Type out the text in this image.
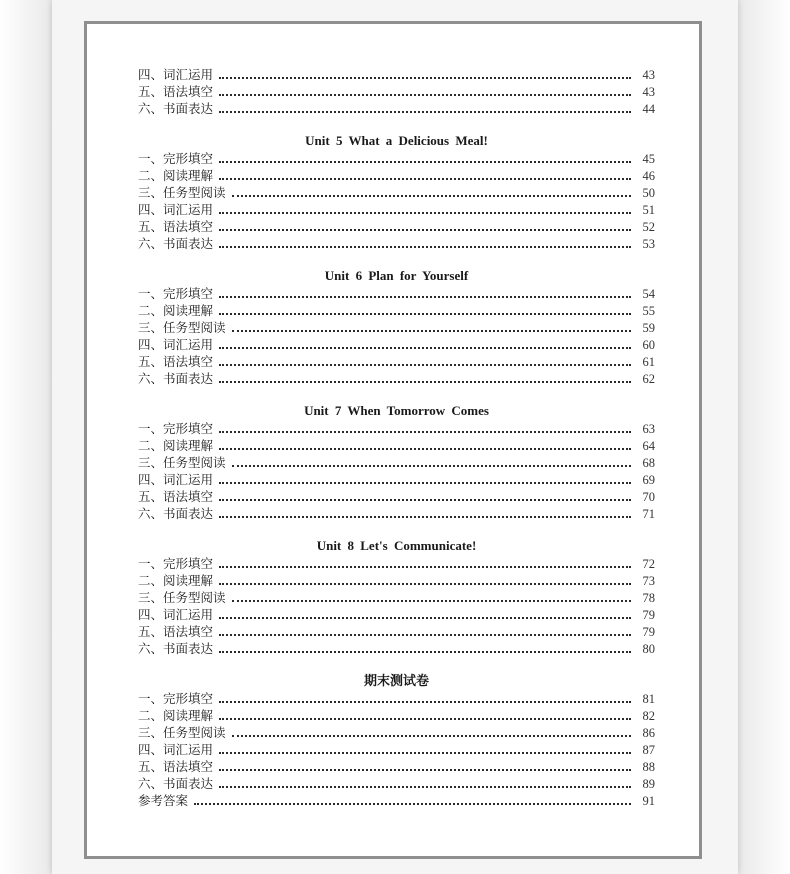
四、词汇运用	43
五、语法填空	43
六、书面表达	44
Unit 5 What a Delicious Meal!
一、完形填空	45
二、阅读理解	46
三、任务型阅读	50
四、词汇运用	51
五、语法填空	52
六、书面表达	53
Unit 6 Plan for Yourself
一、完形填空	54
二、阅读理解	55
三、任务型阅读	59
四、词汇运用	60
五、语法填空	61
六、书面表达	62
Unit 7 When Tomorrow Comes
一、完形填空	63
二、阅读理解	64
三、任务型阅读	68
四、词汇运用	69
五、语法填空	70
六、书面表达	71
Unit 8 Let's Communicate!
一、完形填空	72
二、阅读理解	73
三、任务型阅读	78
四、词汇运用	79
五、语法填空	79
六、书面表达	80
期末测试卷
一、完形填空	81
二、阅读理解	82
三、任务型阅读	86
四、词汇运用	87
五、语法填空	88
六、书面表达	89
参考答案	91
